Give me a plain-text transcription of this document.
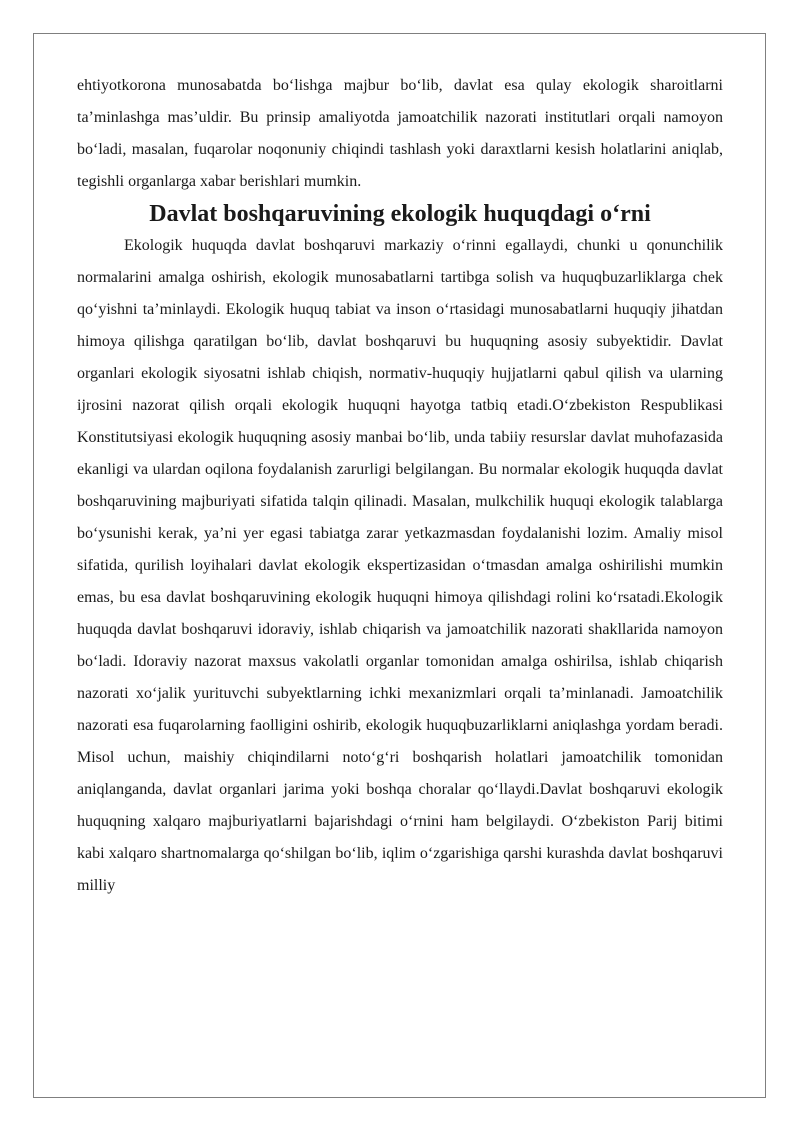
ehtiyotkorona munosabatda bo‘lishga majbur bo‘lib, davlat esa qulay ekologik sharoitlarni ta’minlashga mas’uldir. Bu prinsip amaliyotda jamoatchilik nazorati institutlari orqali namoyon bo‘ladi, masalan, fuqarolar noqonuniy chiqindi tashlash yoki daraxtlarni kesish holatlarini aniqlab, tegishli organlarga xabar berishlari mumkin.

Davlat boshqaruvining ekologik huquqdagi o‘rni

Ekologik huquqda davlat boshqaruvi markaziy o‘rinni egallaydi, chunki u qonunchilik normalarini amalga oshirish, ekologik munosabatlarni tartibga solish va huquqbuzarliklarga chek qo‘yishni ta’minlaydi. Ekologik huquq tabiat va inson o‘rtasidagi munosabatlarni huquqiy jihatdan himoya qilishga qaratilgan bo‘lib, davlat boshqaruvi bu huquqning asosiy subyektidir. Davlat organlari ekologik siyosatni ishlab chiqish, normativ-huquqiy hujjatlarni qabul qilish va ularning ijrosini nazorat qilish orqali ekologik huquqni hayotga tatbiq etadi.O‘zbekiston Respublikasi Konstitutsiyasi ekologik huquqning asosiy manbai bo‘lib, unda tabiiy resurslar davlat muhofazasida ekanligi va ulardan oqilona foydalanish zarurligi belgilangan. Bu normalar ekologik huquqda davlat boshqaruvining majburiyati sifatida talqin qilinadi. Masalan, mulkchilik huquqi ekologik talablarga bo‘ysunishi kerak, ya’ni yer egasi tabiatga zarar yetkazmasdan foydalanishi lozim. Amaliy misol sifatida, qurilish loyihalari davlat ekologik ekspertizasidan o‘tmasdan amalga oshirilishi mumkin emas, bu esa davlat boshqaruvining ekologik huquqni himoya qilishdagi rolini ko‘rsatadi.Ekologik huquqda davlat boshqaruvi idoraviy, ishlab chiqarish va jamoatchilik nazorati shakllarida namoyon bo‘ladi. Idoraviy nazorat maxsus vakolatli organlar tomonidan amalga oshirilsa, ishlab chiqarish nazorati xo‘jalik yurituvchi subyektlarning ichki mexanizmlari orqali ta’minlanadi. Jamoatchilik nazorati esa fuqarolarning faolligini oshirib, ekologik huquqbuzarliklarni aniqlashga yordam beradi. Misol uchun, maishiy chiqindilarni noto‘g‘ri boshqarish holatlari jamoatchilik tomonidan aniqlanganda, davlat organlari jarima yoki boshqa choralar qo‘llaydi.Davlat boshqaruvi ekologik huquqning xalqaro majburiyatlarni bajarishdagi o‘rnini ham belgilaydi. O‘zbekiston Parij bitimi kabi xalqaro shartnomalarga qo‘shilgan bo‘lib, iqlim o‘zgarishiga qarshi kurashda davlat boshqaruvi milliy
